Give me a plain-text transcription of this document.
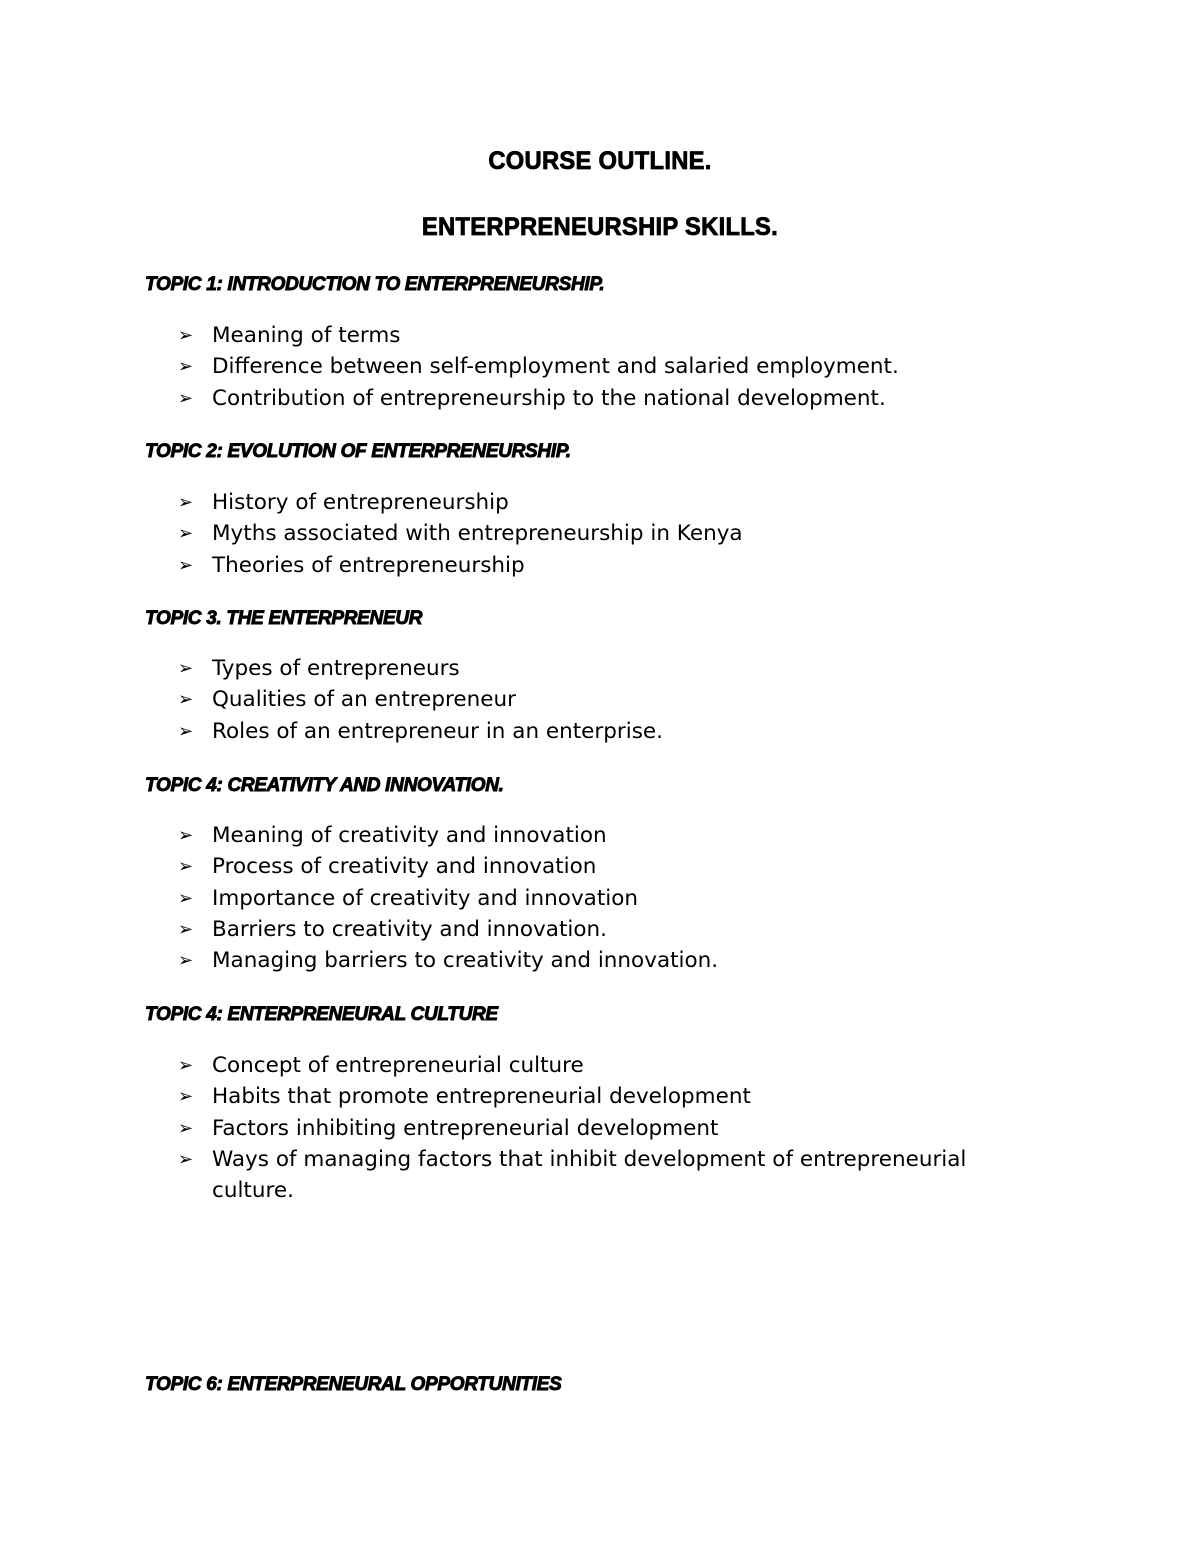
COURSE OUTLINE.
ENTERPRENEURSHIP SKILLS.
TOPIC 1: INTRODUCTION TO ENTERPRENEURSHIP.
➢ Meaning of terms
➢ Difference between self-employment and salaried employment.
➢ Contribution of entrepreneurship to the national development.
TOPIC 2: EVOLUTION OF ENTERPRENEURSHIP.
➢ History of entrepreneurship
➢ Myths associated with entrepreneurship in Kenya
➢ Theories of entrepreneurship
TOPIC 3. THE ENTERPRENEUR
➢ Types of entrepreneurs
➢ Qualities of an entrepreneur
➢ Roles of an entrepreneur in an enterprise.
TOPIC 4: CREATIVITY AND INNOVATION.
➢ Meaning of creativity and innovation
➢ Process of creativity and innovation
➢ Importance of creativity and innovation
➢ Barriers to creativity and innovation.
➢ Managing barriers to creativity and innovation.
TOPIC 4: ENTERPRENEURAL CULTURE
➢ Concept of entrepreneurial culture
➢ Habits that promote entrepreneurial development
➢ Factors inhibiting entrepreneurial development
➢ Ways of managing factors that inhibit development of entrepreneurial culture.
TOPIC 6: ENTERPRENEURAL OPPORTUNITIES
